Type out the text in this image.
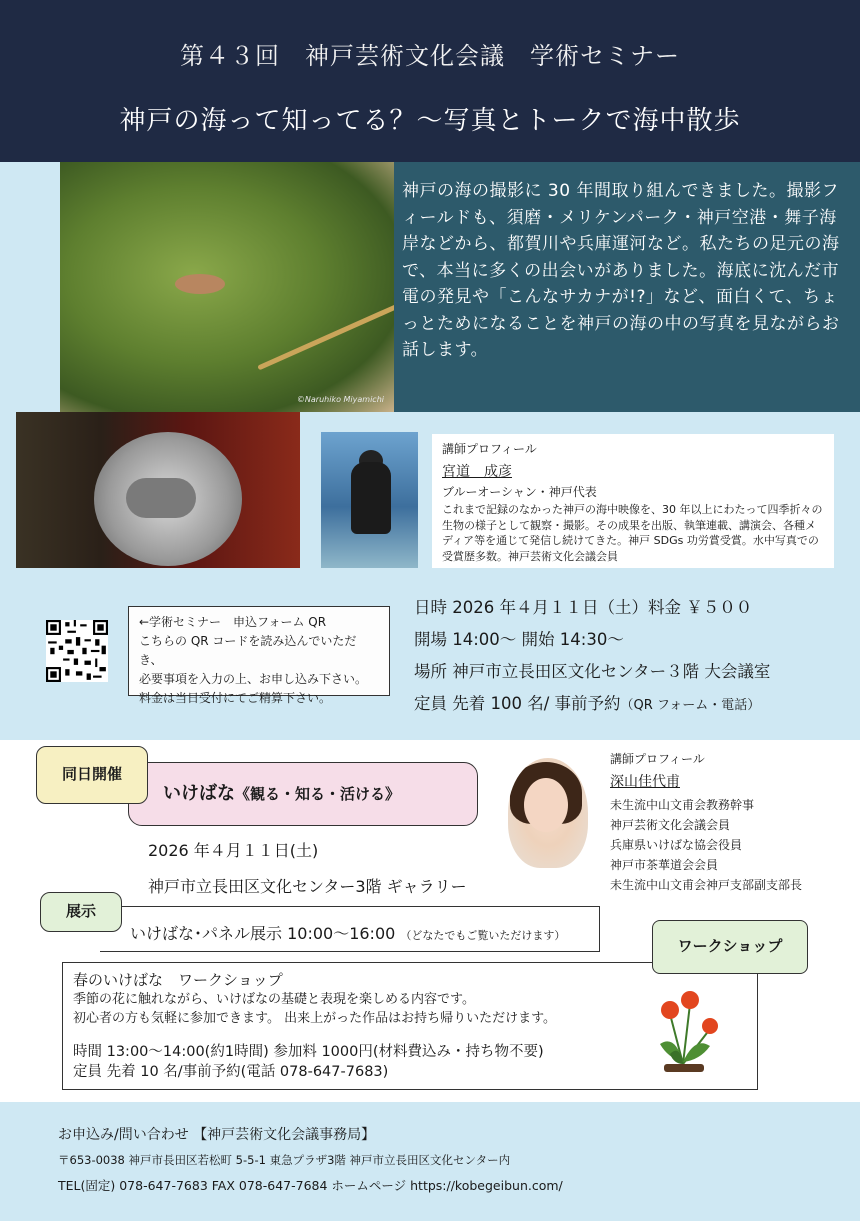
第４３回　神戸芸術文化会議　学術セミナー
神戸の海って知ってる？～写真とトークで海中散歩
神戸の海の撮影に 30 年間取り組んできました。撮影フィールドも、須磨・メリケンパーク・神戸空港・舞子海岸などから、都賀川や兵庫運河など。私たちの足元の海で、本当に多くの出会いがありました。海底に沈んだ市電の発見や「こんなサカナが!?」など、面白くて、ちょっとためになることを神戸の海の中の写真を見ながらお話します。
©Naruhiko Miyamichi
講師プロフィール
宮道　成彦
ブルーオーシャン・神戸代表
これまで記録のなかった神戸の海中映像を、30 年以上にわたって四季折々の生物の様子として観察・撮影。その成果を出版、執筆連載、講演会、各種メディア等を通じて発信し続けてきた。神戸 SDGs 功労賞受賞。水中写真での受賞歴多数。神戸芸術文化会議会員
←学術セミナー　申込フォーム QR
こちらの QR コードを読み込んでいただき、
必要事項を入力の上、お申し込み下さい。
料金は当日受付にてご精算下さい。
日時 2026 年４月１１日（土）料金 ￥５００
開場 14:00～ 開始 14:30～
場所 神戸市立長田区文化センター３階 大会議室
定員 先着 100 名/ 事前予約（QR フォーム・電話）
いけばな《観る・知る・活ける》
同日開催
2026 年４月１１日(土)
神戸市立長田区文化センター3階 ギャラリー
いけばな･パネル展示 10:00～16:00 （どなたでもご覧いただけます）
展示
春のいけばな　ワークショップ
季節の花に触れながら、いけばなの基礎と表現を楽しめる内容です。
初心者の方も気軽に参加できます。 出来上がった作品はお持ち帰りいただけます。
時間 13:00～14:00(約1時間) 参加料 1000円(材料費込み・持ち物不要)
定員 先着 10 名/事前予約(電話 078-647-7683)
ワークショップ
講師プロフィール
深山佳代甫
未生流中山文甫会教務幹事
神戸芸術文化会議会員
兵庫県いけばな協会役員
神戸市茶華道会会員
未生流中山文甫会神戸支部副支部長
お申込み/問い合わせ 【神戸芸術文化会議事務局】
〒653-0038 神戸市長田区若松町 5-5-1 東急プラザ3階 神戸市立長田区文化センター内
TEL(固定) 078-647-7683 FAX 078-647-7684 ホームページ https://kobegeibun.com/
